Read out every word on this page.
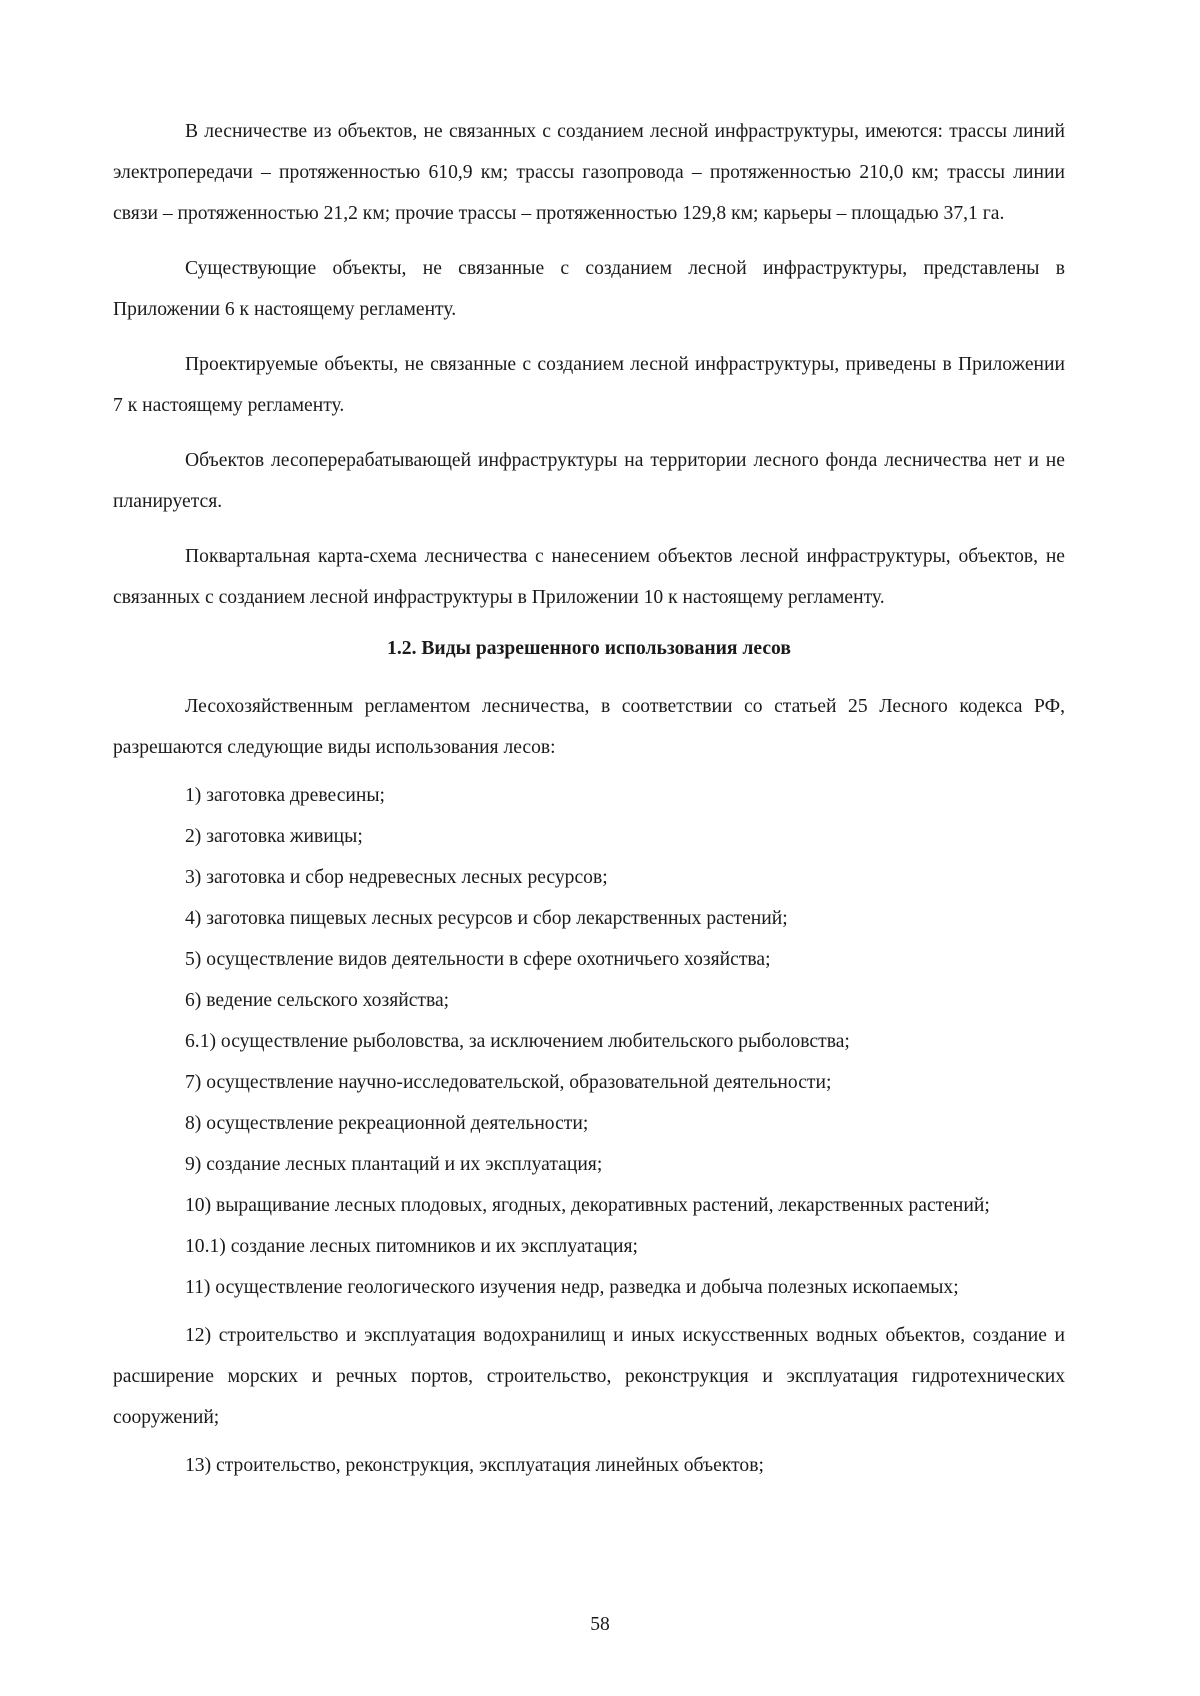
В лесничестве из объектов, не связанных с созданием лесной инфраструктуры, имеются: трассы линий электропередачи – протяженностью 610,9 км; трассы газопровода – протяженностью 210,0 км; трассы линии связи – протяженностью 21,2 км; прочие трассы – протяженностью 129,8 км; карьеры – площадью 37,1 га.

Существующие объекты, не связанные с созданием лесной инфраструктуры, представлены в Приложении 6 к настоящему регламенту.

Проектируемые объекты, не связанные с созданием лесной инфраструктуры, приведены в Приложении 7 к настоящему регламенту.

Объектов лесоперерабатывающей инфраструктуры на территории лесного фонда лесничества нет и не планируется.

Поквартальная карта-схема лесничества с нанесением объектов лесной инфраструктуры, объектов, не связанных с созданием лесной инфраструктуры в Приложении 10 к настоящему регламенту.

1.2. Виды разрешенного использования лесов

Лесохозяйственным регламентом лесничества, в соответствии со статьей 25 Лесного кодекса РФ, разрешаются следующие виды использования лесов:

1) заготовка древесины;

2) заготовка живицы;

3) заготовка и сбор недревесных лесных ресурсов;

4) заготовка пищевых лесных ресурсов и сбор лекарственных растений;

5) осуществление видов деятельности в сфере охотничьего хозяйства;

6) ведение сельского хозяйства;

6.1) осуществление рыболовства, за исключением любительского рыболовства;

7) осуществление научно-исследовательской, образовательной деятельности;

8) осуществление рекреационной деятельности;

9) создание лесных плантаций и их эксплуатация;

10) выращивание лесных плодовых, ягодных, декоративных растений, лекарственных растений;

10.1) создание лесных питомников и их эксплуатация;

11) осуществление геологического изучения недр, разведка и добыча полезных ископаемых;

12) строительство и эксплуатация водохранилищ и иных искусственных водных объектов, создание и расширение морских и речных портов, строительство, реконструкция и эксплуатация гидротехнических сооружений;

13) строительство, реконструкция, эксплуатация линейных объектов;

58
